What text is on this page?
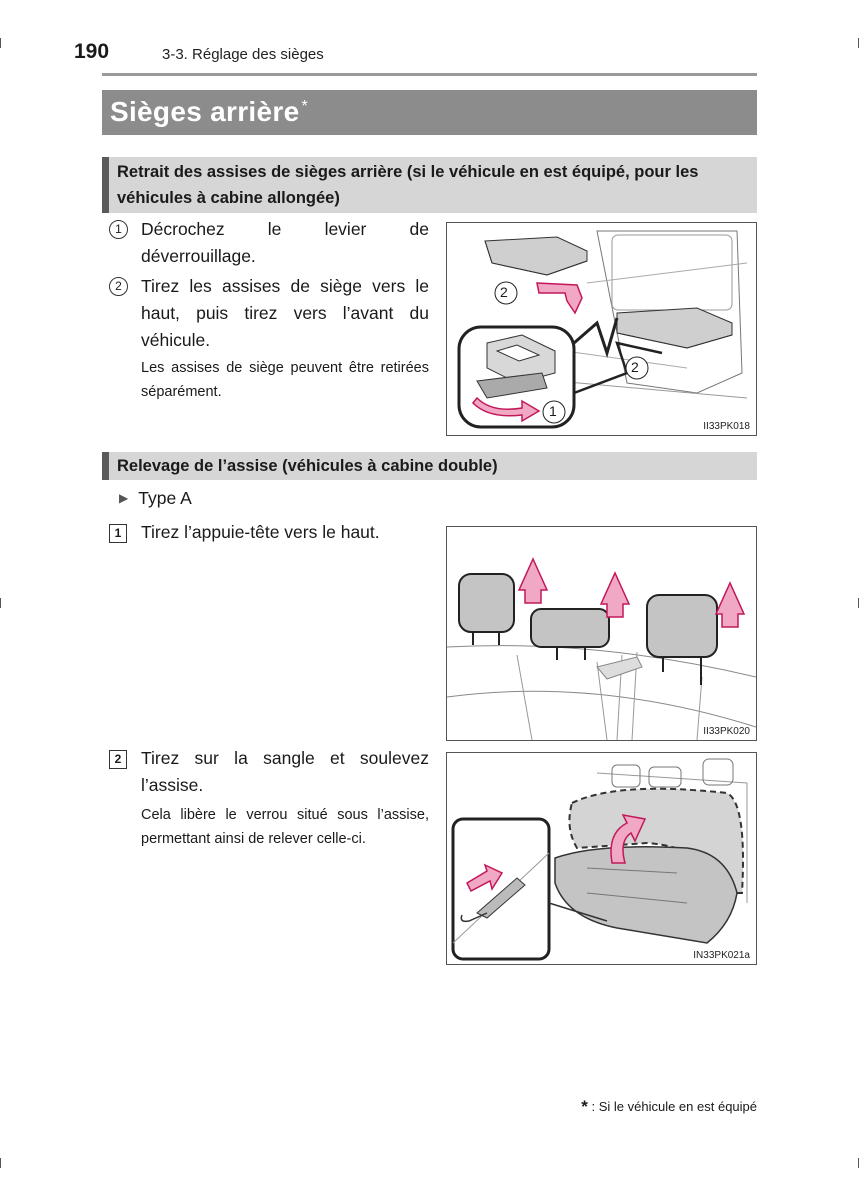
190	3-3. Réglage des sièges
Sièges arrière *
Retrait des assises de sièges arrière (si le véhicule en est équipé, pour les véhicules à cabine allongée)
1	Décrochez le levier de déverrouillage.
2	Tirez les assises de siège vers le haut, puis tirez vers l’avant du véhicule.
Les assises de siège peuvent être retirées séparément.
2
2
1
II33PK018
Relevage de l’assise (véhicules à cabine double)
▶ Type A
1	Tirez l’appuie-tête vers le haut.
II33PK020
2	Tirez sur la sangle et soulevez l’assise.
Cela libère le verrou situé sous l’assise, permettant ainsi de relever celle-ci.
IN33PK021a
* : Si le véhicule en est équipé
